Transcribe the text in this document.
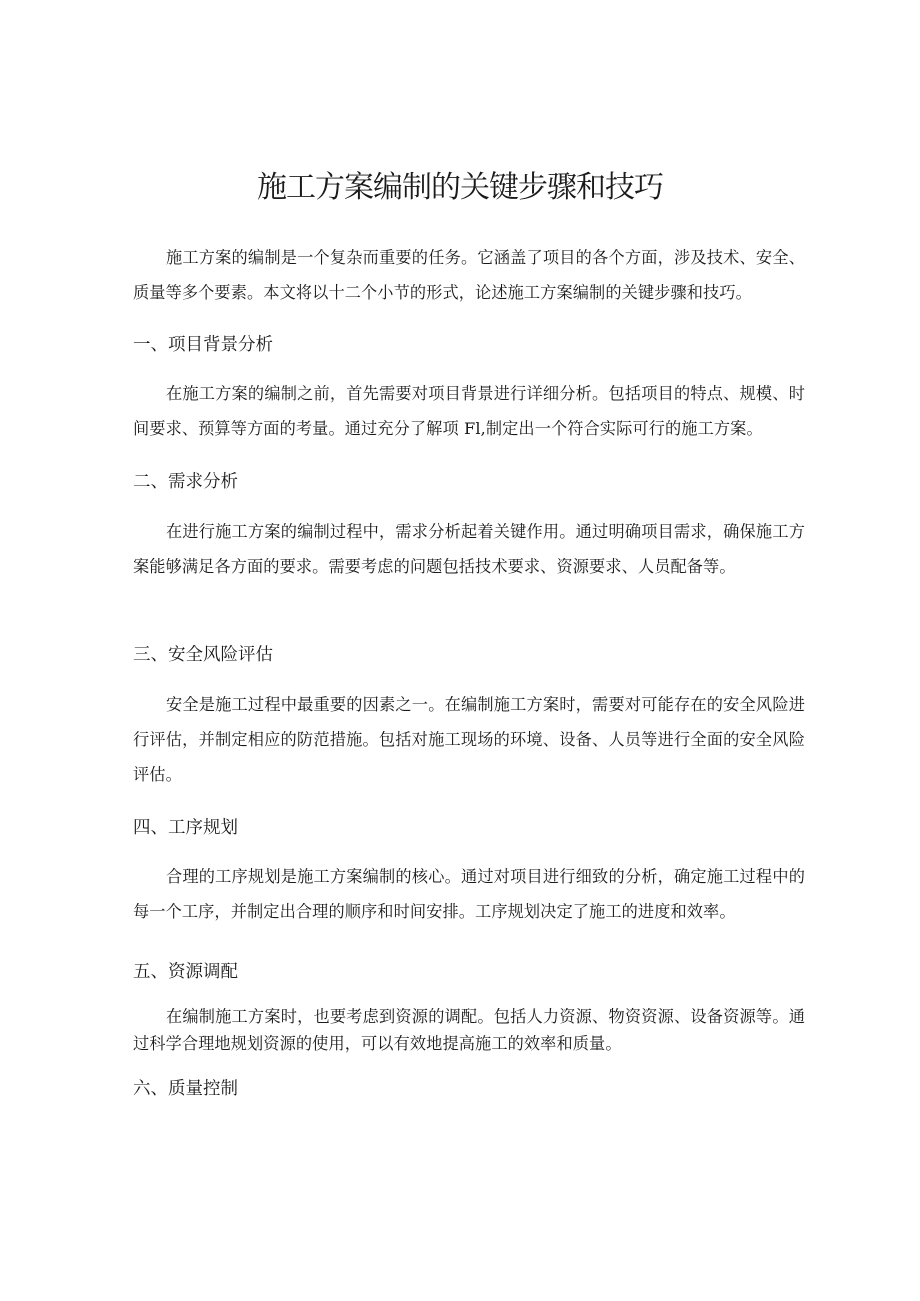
施工方案编制的关键步骤和技巧

施工方案的编制是一个复杂而重要的任务。它涵盖了项目的各个方面，涉及技术、安全、质量等多个要素。本文将以十二个小节的形式，论述施工方案编制的关键步骤和技巧。

一、项目背景分析

在施工方案的编制之前，首先需要对项目背景进行详细分析。包括项目的特点、规模、时间要求、预算等方面的考量。通过充分了解项 Fl,制定出一个符合实际可行的施工方案。

二、需求分析

在进行施工方案的编制过程中，需求分析起着关键作用。通过明确项目需求，确保施工方案能够满足各方面的要求。需要考虑的问题包括技术要求、资源要求、人员配备等。

三、安全风险评估

安全是施工过程中最重要的因素之一。在编制施工方案时，需要对可能存在的安全风险进行评估，并制定相应的防范措施。包括对施工现场的环境、设备、人员等进行全面的安全风险评估。

四、工序规划

合理的工序规划是施工方案编制的核心。通过对项目进行细致的分析，确定施工过程中的每一个工序，并制定出合理的顺序和时间安排。工序规划决定了施工的进度和效率。

五、资源调配

在编制施工方案时，也要考虑到资源的调配。包括人力资源、物资资源、设备资源等。通过科学合理地规划资源的使用，可以有效地提高施工的效率和质量。

六、质量控制
